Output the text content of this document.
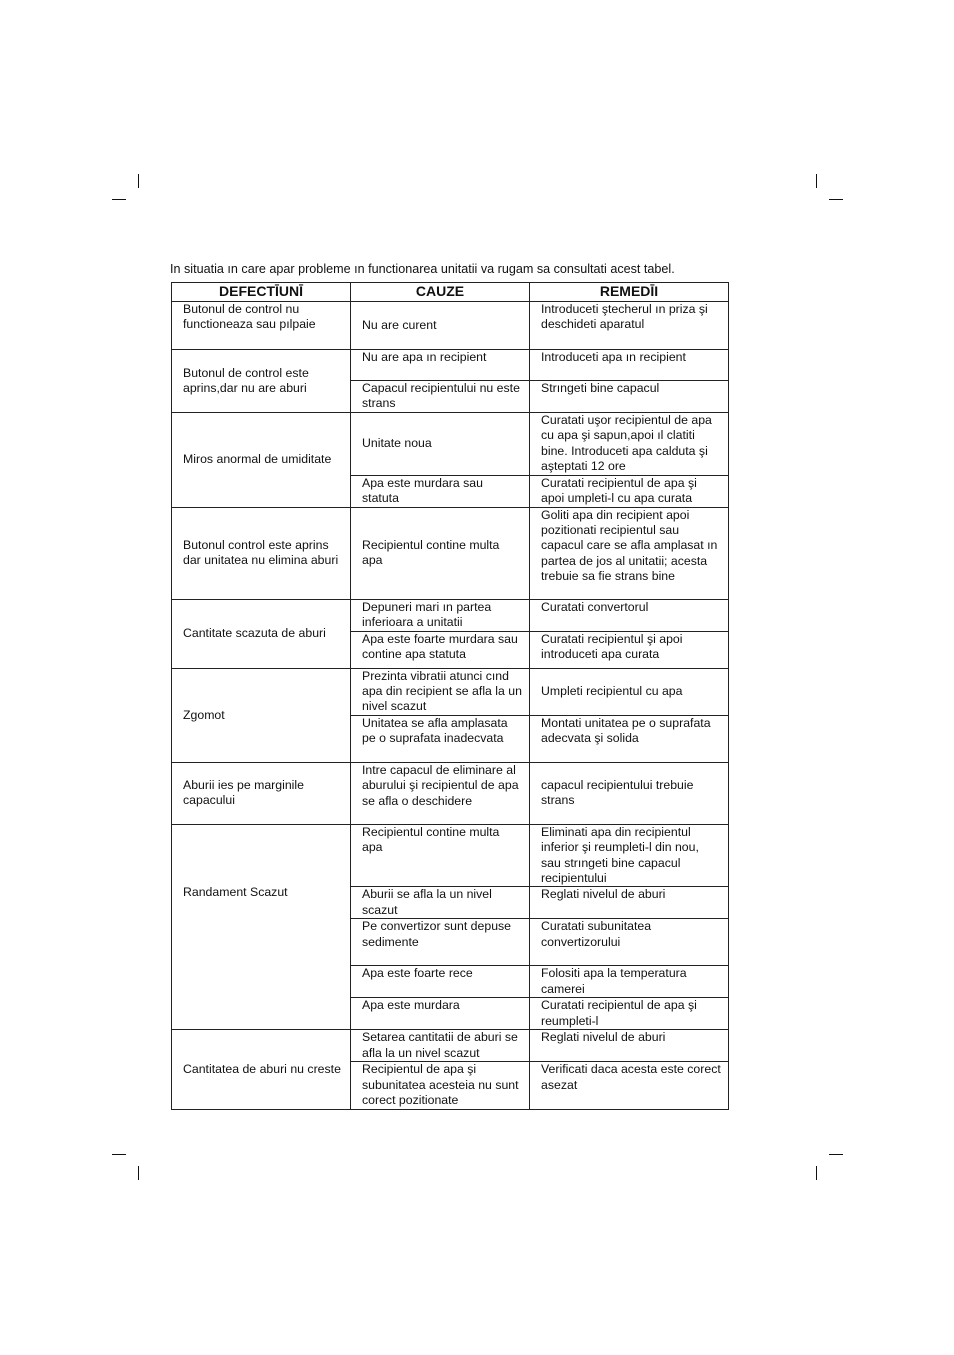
In situatia ın care apar probleme ın functionarea unitatii va rugam sa consultati acest tabel.
DEFECTĪUNĪ	CAUZE	REMEDĪI
Butonul de control nu functioneaza sau pılpaie	Nu are curent	Introduceti ştecherul ın priza şi deschideti aparatul
Butonul de control este aprins,dar nu are aburi	Nu are apa ın recipient	Introduceti apa ın recipient
	Capacul recipientului nu este strans	Strıngeti bine capacul
Miros anormal de umiditate	Unitate noua	Curatati uşor recipientul de apa cu apa şi sapun,apoi ıl clatiti bine. Introduceti apa calduta şi aşteptati 12 ore
	Apa este murdara sau statuta	Curatati recipientul de apa şi apoi umpleti-l cu apa curata
Butonul control este aprins dar unitatea nu elimina aburi	Recipientul contine multa apa	Goliti apa din recipient apoi pozitionati recipientul sau capacul care se afla amplasat ın partea de jos al unitatii; acesta trebuie sa fie strans bine
Cantitate scazuta de aburi	Depuneri mari ın partea inferioara a unitatii	Curatati convertorul
	Apa este foarte murdara sau contine apa statuta	Curatati recipientul şi apoi introduceti apa curata
Zgomot	Prezinta vibratii atunci cınd apa din recipient se afla la un nivel scazut	Umpleti recipientul cu apa
	Unitatea se afla amplasata pe o suprafata inadecvata	Montati unitatea pe o suprafata adecvata şi solida
Aburii ies pe marginile capacului	Intre capacul de eliminare al aburului şi recipientul de apa se afla o deschidere	capacul recipientului trebuie strans
Randament Scazut	Recipientul contine multa apa	Eliminati apa din recipientul inferior şi reumpleti-l din nou, sau strıngeti bine capacul recipientului
	Aburii se afla la un nivel scazut	Reglati nivelul de aburi
	Pe convertizor sunt depuse sedimente	Curatati subunitatea convertizorului
	Apa este foarte rece	Folositi apa la temperatura camerei
	Apa este murdara	Curatati recipientul de apa şi reumpleti-l
Cantitatea de aburi nu creste	Setarea cantitatii de aburi se afla la un nivel scazut	Reglati nivelul de aburi
	Recipientul de apa şi subunitatea acesteia nu sunt corect pozitionate	Verificati daca acesta este corect asezat
